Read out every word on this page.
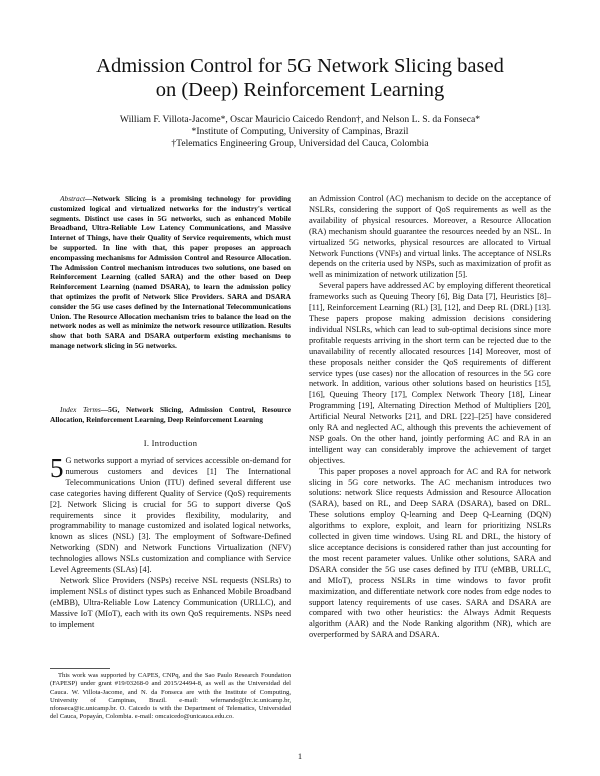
Admission Control for 5G Network Slicing based
on (Deep) Reinforcement Learning
William F. Villota-Jacome*, Oscar Mauricio Caicedo Rendon†, and Nelson L. S. da Fonseca*
*Institute of Computing, University of Campinas, Brazil
†Telematics Engineering Group, Universidad del Cauca, Colombia

Abstract—Network Slicing is a promising technology for providing customized logical and virtualized networks for the industry's vertical segments. Distinct use cases in 5G networks, such as enhanced Mobile Broadband, Ultra-Reliable Low Latency Communications, and Massive Internet of Things, have their Quality of Service requirements, which must be supported. In line with that, this paper proposes an approach encompassing mechanisms for Admission Control and Resource Allocation. The Admission Control mechanism introduces two solutions, one based on Reinforcement Learning (called SARA) and the other based on Deep Reinforcement Learning (named DSARA), to learn the admission policy that optimizes the profit of Network Slice Providers. SARA and DSARA consider the 5G use cases defined by the International Telecommunications Union. The Resource Allocation mechanism tries to balance the load on the network nodes as well as minimize the network resource utilization. Results show that both SARA and DSARA outperform existing mechanisms to manage network slicing in 5G networks.

Index Terms—5G, Network Slicing, Admission Control, Resource Allocation, Reinforcement Learning, Deep Reinforcement Learning

I. Introduction

5 G networks support a myriad of services accessible on-demand for numerous customers and devices [1] The International Telecommunications Union (ITU) defined several different use case categories having different Quality of Service (QoS) requirements [2]. Network Slicing is crucial for 5G to support diverse QoS requirements since it provides flexibility, modularity, and programmability to manage customized and isolated logical networks, known as slices (NSL) [3]. The employment of Software-Defined Networking (SDN) and Network Functions Virtualization (NFV) technologies allows NSLs customization and compliance with Service Level Agreements (SLAs) [4].

Network Slice Providers (NSPs) receive NSL requests (NSLRs) to implement NSLs of distinct types such as Enhanced Mobile Broadband (eMBB), Ultra-Reliable Low Latency Communication (URLLC), and Massive IoT (MIoT), each with its own QoS requirements. NSPs need to implement

This work was supported by CAPES, CNPq, and the Sao Paulo Research Foundation (FAPESP) under grant #19/03268-0 and 2015/24494-8, as well as the Universidad del Cauca. W. Villota-Jacome, and N. da Fonseca are with the Institute of Computing, University of Campinas, Brazil. e-mail: wfernando@lrc.ic.unicamp.br, nfonseca@ic.unicamp.br. O. Caicedo is with the Department of Telematics, Universidad del Cauca, Popayán, Colombia. e-mail: omcaicedo@unicauca.edu.co.

an Admission Control (AC) mechanism to decide on the acceptance of NSLRs, considering the support of QoS requirements as well as the availability of physical resources. Moreover, a Resource Allocation (RA) mechanism should guarantee the resources needed by an NSL. In virtualized 5G networks, physical resources are allocated to Virtual Network Functions (VNFs) and virtual links. The acceptance of NSLRs depends on the criteria used by NSPs, such as maximization of profit as well as minimization of network utilization [5].

Several papers have addressed AC by employing different theoretical frameworks such as Queuing Theory [6], Big Data [7], Heuristics [8]–[11], Reinforcement Learning (RL) [3], [12], and Deep RL (DRL) [13]. These papers propose making admission decisions considering individual NSLRs, which can lead to sub-optimal decisions since more profitable requests arriving in the short term can be rejected due to the unavailability of recently allocated resources [14] Moreover, most of these proposals neither consider the QoS requirements of different service types (use cases) nor the allocation of resources in the 5G core network. In addition, various other solutions based on heuristics [15], [16], Queuing Theory [17], Complex Network Theory [18], Linear Programming [19], Alternating Direction Method of Multipliers [20], Artificial Neural Networks [21], and DRL [22]–[25] have considered only RA and neglected AC, although this prevents the achievement of NSP goals. On the other hand, jointly performing AC and RA in an intelligent way can considerably improve the achievement of target objectives.

This paper proposes a novel approach for AC and RA for network slicing in 5G core networks. The AC mechanism introduces two solutions: network Slice requests Admission and Resource Allocation (SARA), based on RL, and Deep SARA (DSARA), based on DRL. These solutions employ Q-learning and Deep Q-Learning (DQN) algorithms to explore, exploit, and learn for prioritizing NSLRs collected in given time windows. Using RL and DRL, the history of slice acceptance decisions is considered rather than just accounting for the most recent parameter values. Unlike other solutions, SARA and DSARA consider the 5G use cases defined by ITU (eMBB, URLLC, and MIoT), process NSLRs in time windows to favor profit maximization, and differentiate network core nodes from edge nodes to support latency requirements of use cases. SARA and DSARA are compared with two other heuristics: the Always Admit Requests algorithm (AAR) and the Node Ranking algorithm (NR), which are overperformed by SARA and DSARA.

1
